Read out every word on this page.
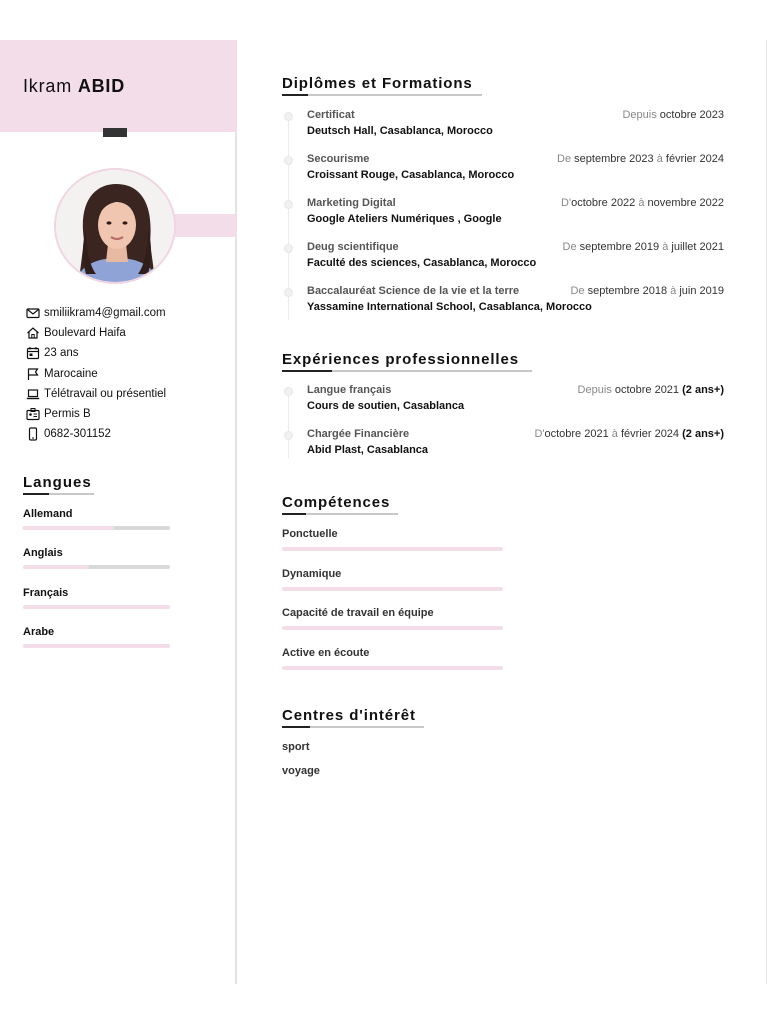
Ikram ABID
smiliikram4@gmail.com
Boulevard Haifa
23 ans
Marocaine
Télétravail ou présentiel
Permis B
0682-301152
Langues
Allemand
Anglais
Français
Arabe
Diplômes et Formations
Certificat	Depuis octobre 2023
Deutsch Hall, Casablanca, Morocco
Secourisme	De septembre 2023 à février 2024
Croissant Rouge, Casablanca, Morocco
Marketing Digital	D'octobre 2022 à novembre 2022
Google Ateliers Numériques , Google
Deug scientifique	De septembre 2019 à juillet 2021
Faculté des sciences, Casablanca, Morocco
Baccalauréat Science de la vie et la terre	De septembre 2018 à juin 2019
Yassamine International School, Casablanca, Morocco
Expériences professionnelles
Langue français	Depuis octobre 2021 (2 ans+)
Cours de soutien, Casablanca
Chargée Financière	D'octobre 2021 à février 2024 (2 ans+)
Abid Plast, Casablanca
Compétences
Ponctuelle
Dynamique
Capacité de travail en équipe
Active en écoute
Centres d'intérêt
sport
voyage
